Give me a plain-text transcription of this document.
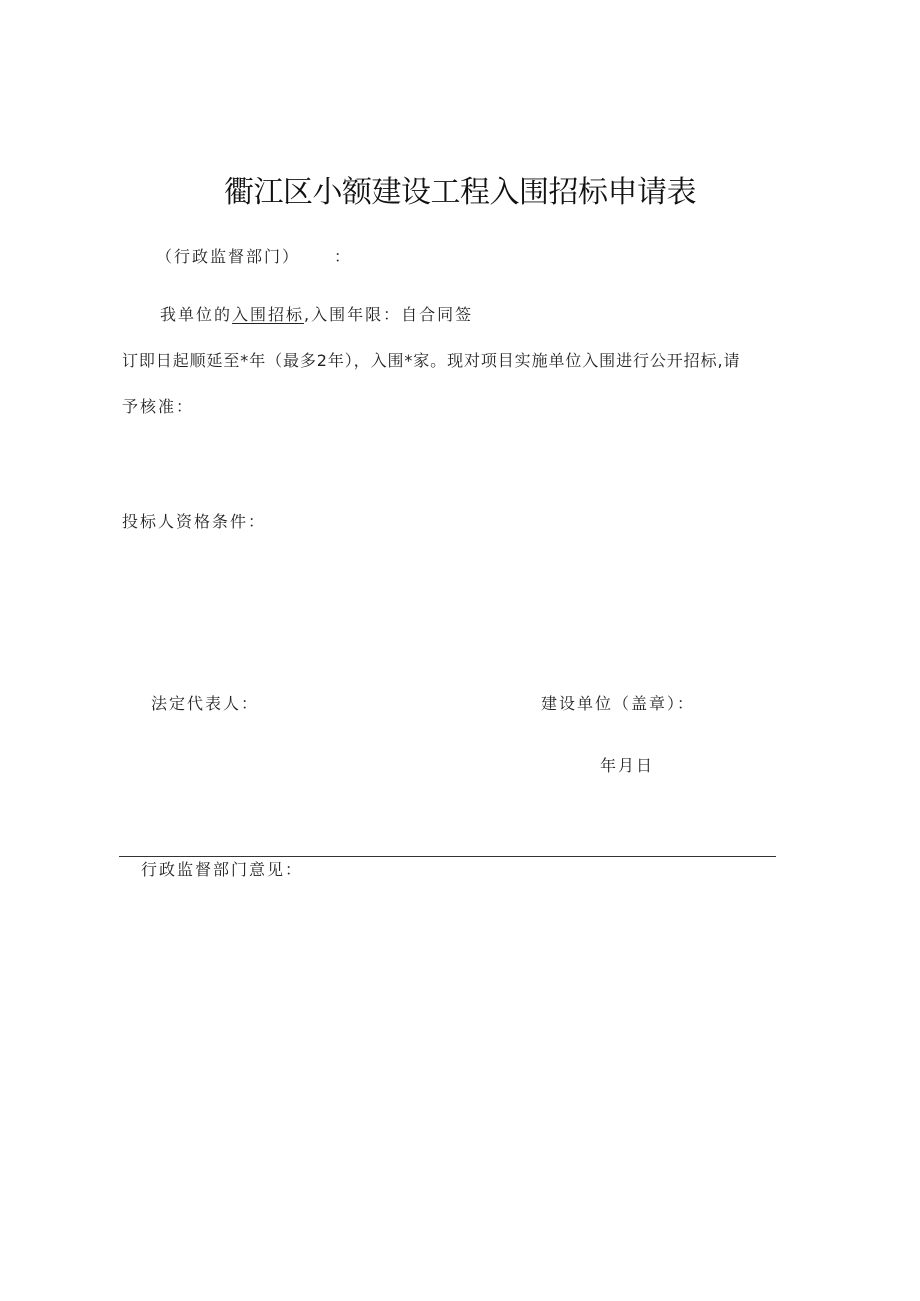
衢江区小额建设工程入围招标申请表
（行政监督部门） ：
我单位的入围招标,入围年限：自合同签
订即日起顺延至*年（最多2年），入围*家。现对项目实施单位入围进行公开招标,请
予核准：
投标人资格条件：
法定代表人：	建设单位（盖章）：
年月日
行政监督部门意见：
